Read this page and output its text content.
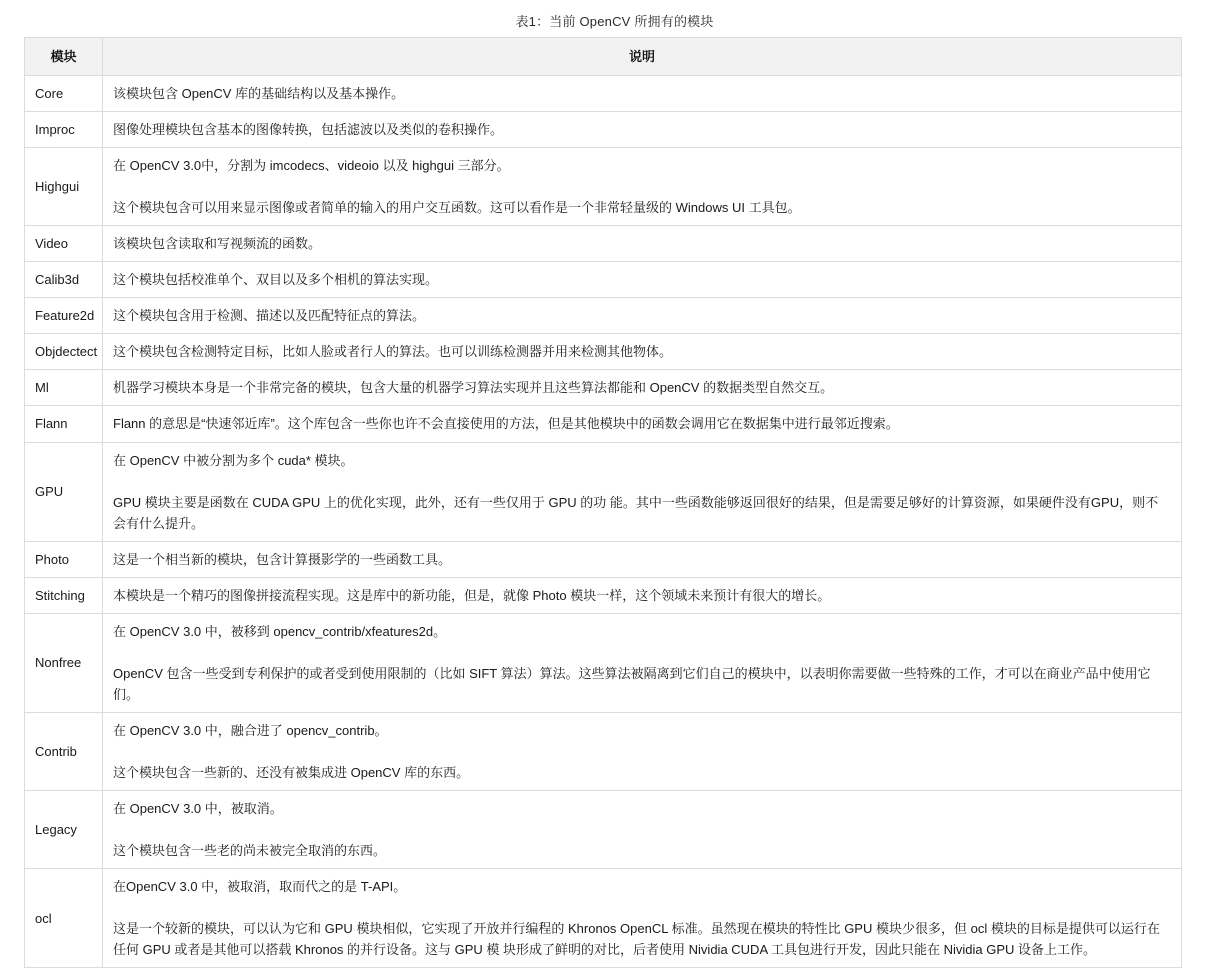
表1：当前 OpenCV 所拥有的模块
模块	说明
Core	该模块包含 OpenCV 库的基础结构以及基本操作。

Improc	图像处理模块包含基本的图像转换，包括滤波以及类似的卷积操作。

Highgui	在 OpenCV 3.0中，分割为 imcodecs、videoio 以及 highgui 三部分。

这个模块包含可以用来显示图像或者简单的输入的用户交互函数。这可以看作是一个非常轻量级的 Windows UI 工具包。

Video	该模块包含读取和写视频流的函数。

Calib3d	这个模块包括校准单个、双目以及多个相机的算法实现。

Feature2d	这个模块包含用于检测、描述以及匹配特征点的算法。

Objdectect	这个模块包含检测特定目标，比如人脸或者行人的算法。也可以训练检测器并用来检测其他物体。

Ml	机器学习模块本身是一个非常完备的模块，包含大量的机器学习算法实现并且这些算法都能和 OpenCV 的数据类型自然交互。

Flann	Flann 的意思是“快速邻近库”。这个库包含一些你也许不会直接使用的方法，但是其他模块中的函数会调用它在数据集中进行最邻近搜索。

GPU	在 OpenCV 中被分割为多个 cuda* 模块。

GPU 模块主要是函数在 CUDA GPU 上的优化实现，此外，还有一些仅用于 GPU 的功 能。其中一些函数能够返回很好的结果，但是需要足够好的计算资源，如果硬件没有GPU，则不会有什么提升。

Photo	这是一个相当新的模块，包含计算摄影学的一些函数工具。

Stitching	本模块是一个精巧的图像拼接流程实现。这是库中的新功能，但是，就像 Photo 模块一样，这个领域未来预计有很大的增长。

Nonfree	在 OpenCV 3.0 中，被移到 opencv_contrib/xfeatures2d。

OpenCV 包含一些受到专利保护的或者受到使用限制的（比如 SIFT 算法）算法。这些算法被隔离到它们自己的模块中，以表明你需要做一些特殊的工作，才可以在商业产品中使用它们。

Contrib	在 OpenCV 3.0 中，融合进了 opencv_contrib。

这个模块包含一些新的、还没有被集成进 OpenCV 库的东西。

Legacy	在 OpenCV 3.0 中，被取消。

这个模块包含一些老的尚未被完全取消的东西。

ocl	在OpenCV 3.0 中，被取消，取而代之的是 T-API。

这是一个较新的模块，可以认为它和 GPU 模块相似，它实现了开放并行编程的 Khronos OpenCL 标准。虽然现在模块的特性比 GPU 模块少很多，但 ocl 模块的目标是提供可以运行在任何 GPU 或者是其他可以搭载 Khronos 的并行设备。这与 GPU 模 块形成了鲜明的对比，后者使用 Nividia CUDA 工具包进行开发，因此只能在 Nividia GPU 设备上工作。
